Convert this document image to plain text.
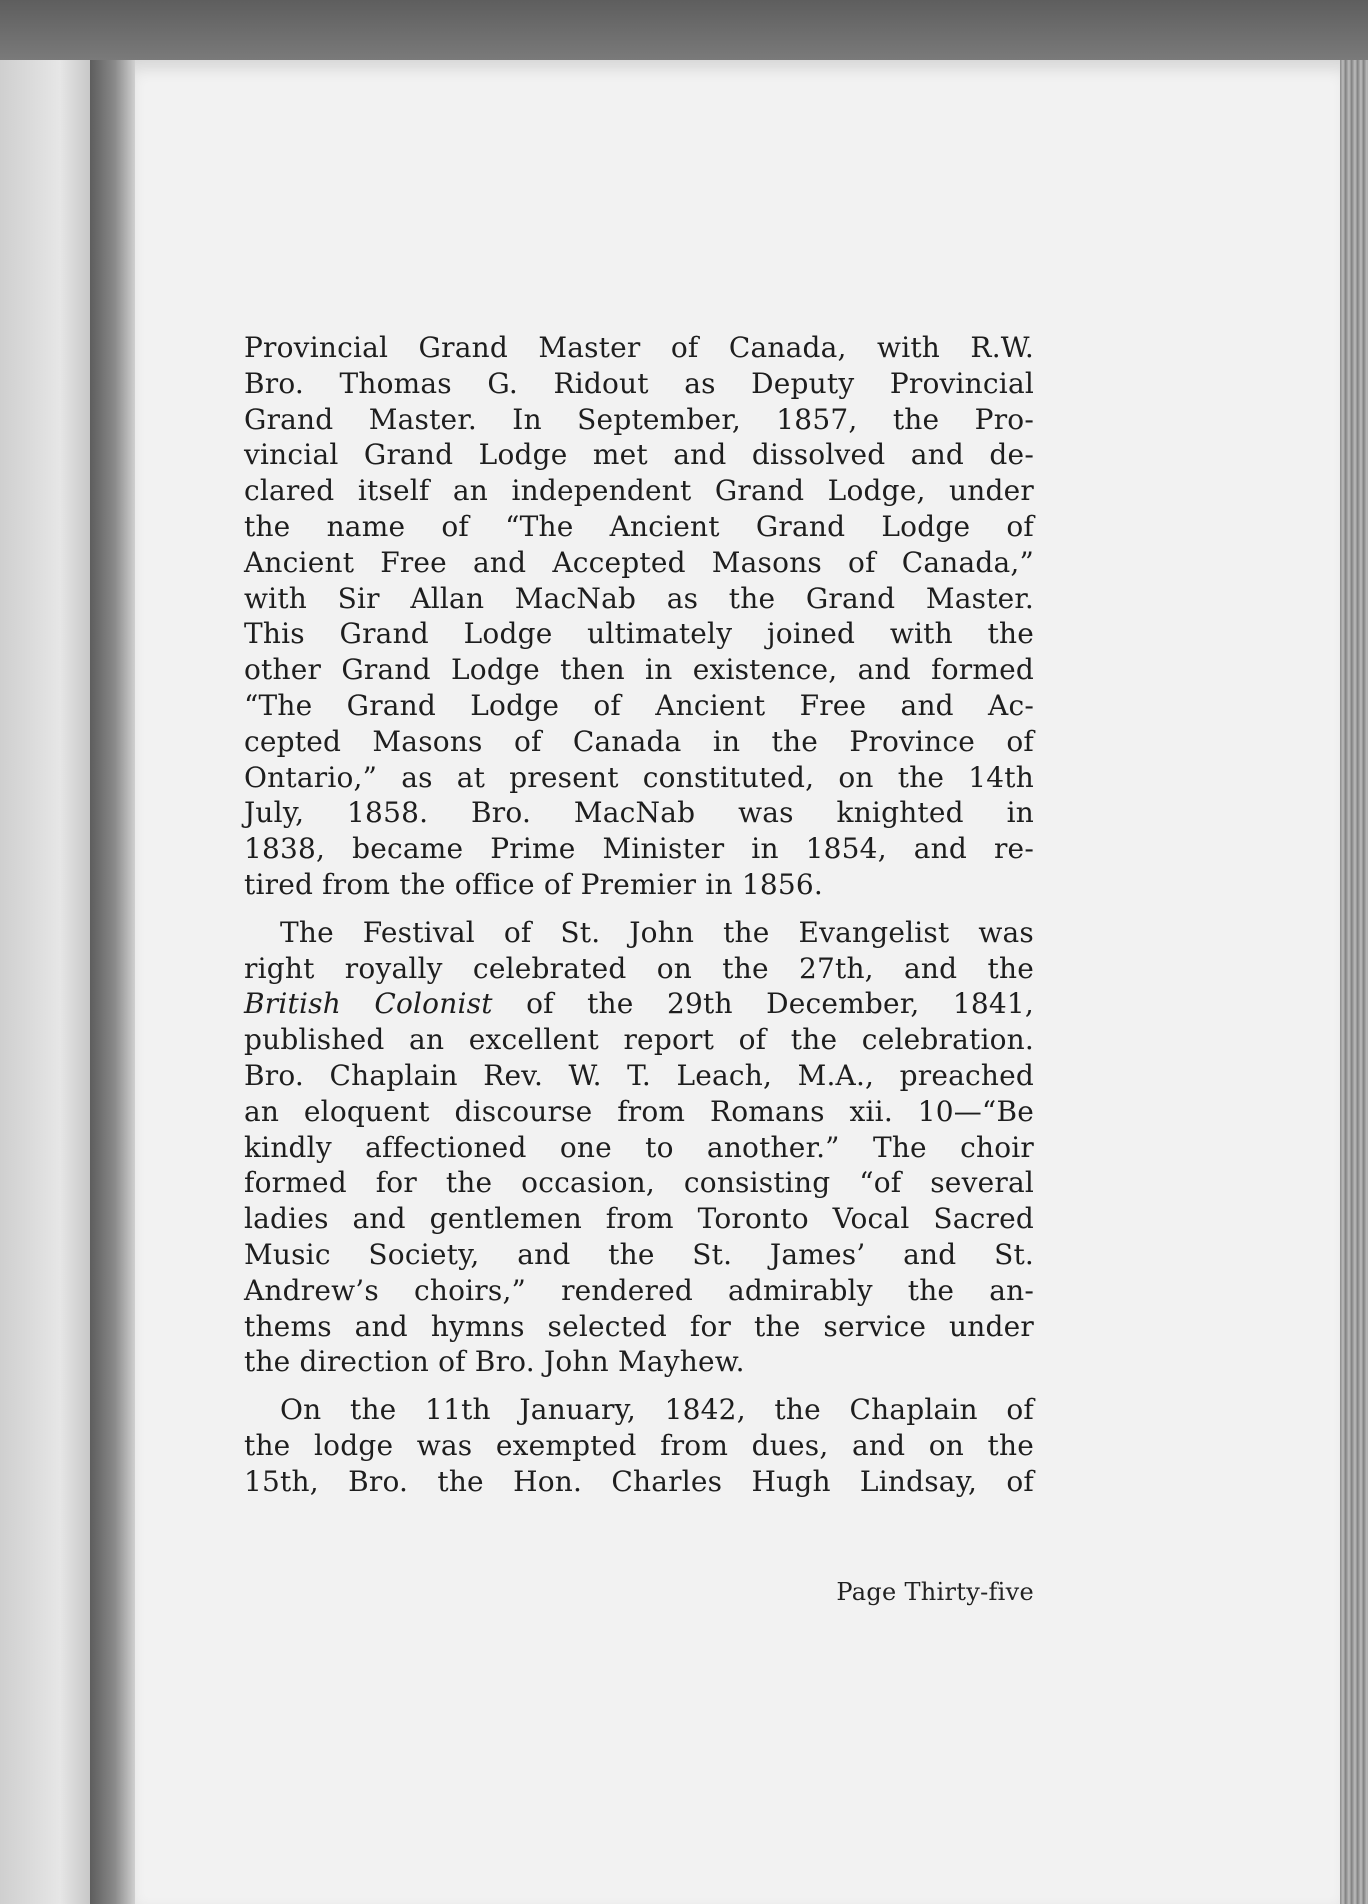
Provincial Grand Master of Canada, with R.W.
Bro. Thomas G. Ridout as Deputy Provincial
Grand Master. In September, 1857, the Pro-
vincial Grand Lodge met and dissolved and de-
clared itself an independent Grand Lodge, under
the name of “The Ancient Grand Lodge of
Ancient Free and Accepted Masons of Canada,”
with Sir Allan MacNab as the Grand Master.
This Grand Lodge ultimately joined with the
other Grand Lodge then in existence, and formed
“The Grand Lodge of Ancient Free and Ac-
cepted Masons of Canada in the Province of
Ontario,” as at present constituted, on the 14th
July, 1858. Bro. MacNab was knighted in
1838, became Prime Minister in 1854, and re-
tired from the office of Premier in 1856.
The Festival of St. John the Evangelist was
right royally celebrated on the 27th, and the
British Colonist of the 29th December, 1841,
published an excellent report of the celebration.
Bro. Chaplain Rev. W. T. Leach, M.A., preached
an eloquent discourse from Romans xii. 10—“Be
kindly affectioned one to another.” The choir
formed for the occasion, consisting “of several
ladies and gentlemen from Toronto Vocal Sacred
Music Society, and the St. James’ and St.
Andrew’s choirs,” rendered admirably the an-
thems and hymns selected for the service under
the direction of Bro. John Mayhew.
On the 11th January, 1842, the Chaplain of
the lodge was exempted from dues, and on the
15th, Bro. the Hon. Charles Hugh Lindsay, of
Page Thirty-five
